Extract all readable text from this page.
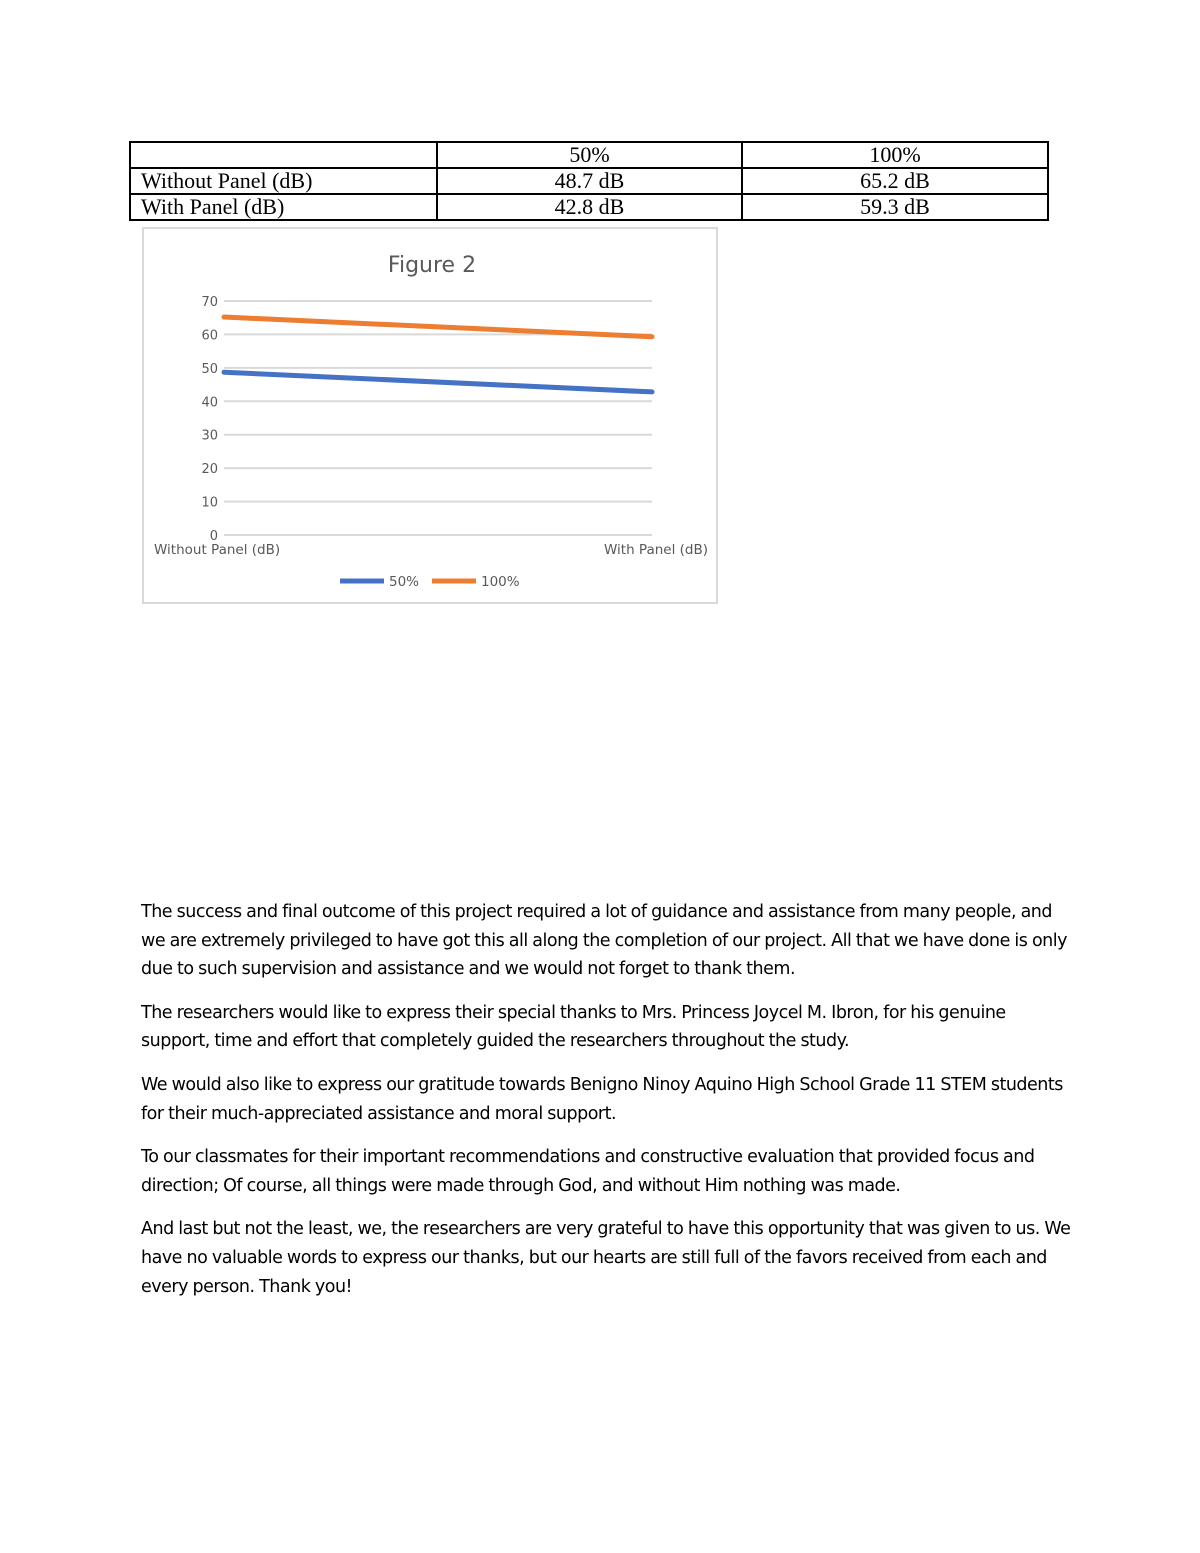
	50%	100%
Without Panel (dB)	48.7 dB	65.2 dB
With Panel (dB)	42.8 dB	59.3 dB
Figure 2
0
10
20
30
40
50
60
70
Without Panel (dB)	With Panel (dB)
50%	100%

The success and final outcome of this project required a lot of guidance and assistance from many people, and we are extremely privileged to have got this all along the completion of our project. All that we have done is only due to such supervision and assistance and we would not forget to thank them.

The researchers would like to express their special thanks to Mrs. Princess Joycel M. Ibron, for his genuine support, time and effort that completely guided the researchers throughout the study.

We would also like to express our gratitude towards Benigno Ninoy Aquino High School Grade 11 STEM students for their much-appreciated assistance and moral support.

To our classmates for their important recommendations and constructive evaluation that provided focus and direction; Of course, all things were made through God, and without Him nothing was made.

And last but not the least, we, the researchers are very grateful to have this opportunity that was given to us. We have no valuable words to express our thanks, but our hearts are still full of the favors received from each and every person. Thank you!
